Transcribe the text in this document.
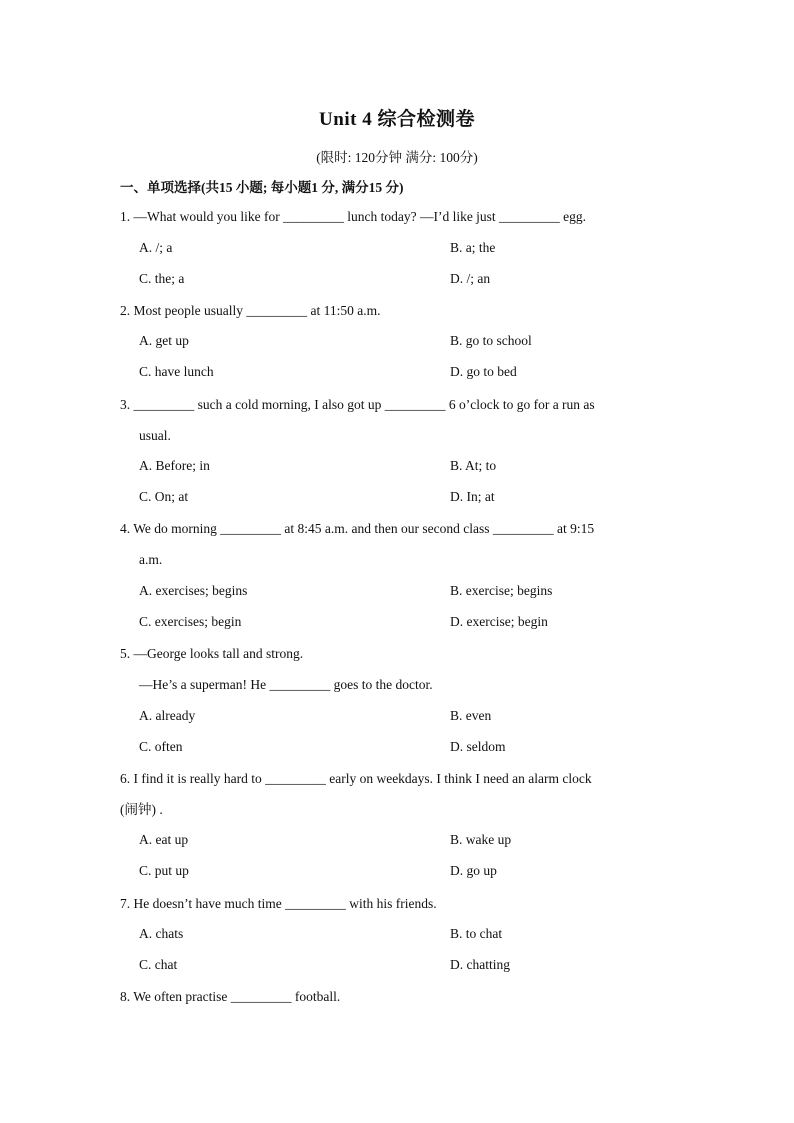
Unit 4 综合检测卷
(限时: 120分钟 满分: 100分)
一、单项选择(共15 小题; 每小题1 分, 满分15 分)
1. —What would you like for _________ lunch today? —I’d like just _________ egg.
A. /; a	B. a; the
C. the; a	D. /; an
2. Most people usually _________ at 11:50 a.m.
A. get up	B. go to school
C. have lunch	D. go to bed
3. _________ such a cold morning, I also got up _________ 6 o’clock to go for a run as
usual.
A. Before; in	B. At; to
C. On; at	D. In; at
4. We do morning _________ at 8:45 a.m. and then our second class _________ at 9:15
a.m.
A. exercises; begins	B. exercise; begins
C. exercises; begin	D. exercise; begin
5. —George looks tall and strong.
—He’s a superman! He _________ goes to the doctor.
A. already	B. even
C. often	D. seldom
6. I find it is really hard to _________ early on weekdays. I think I need an alarm clock
(闹钟) .
A. eat up	B. wake up
C. put up	D. go up
7. He doesn’t have much time _________ with his friends.
A. chats	B. to chat
C. chat	D. chatting
8. We often practise _________ football.
